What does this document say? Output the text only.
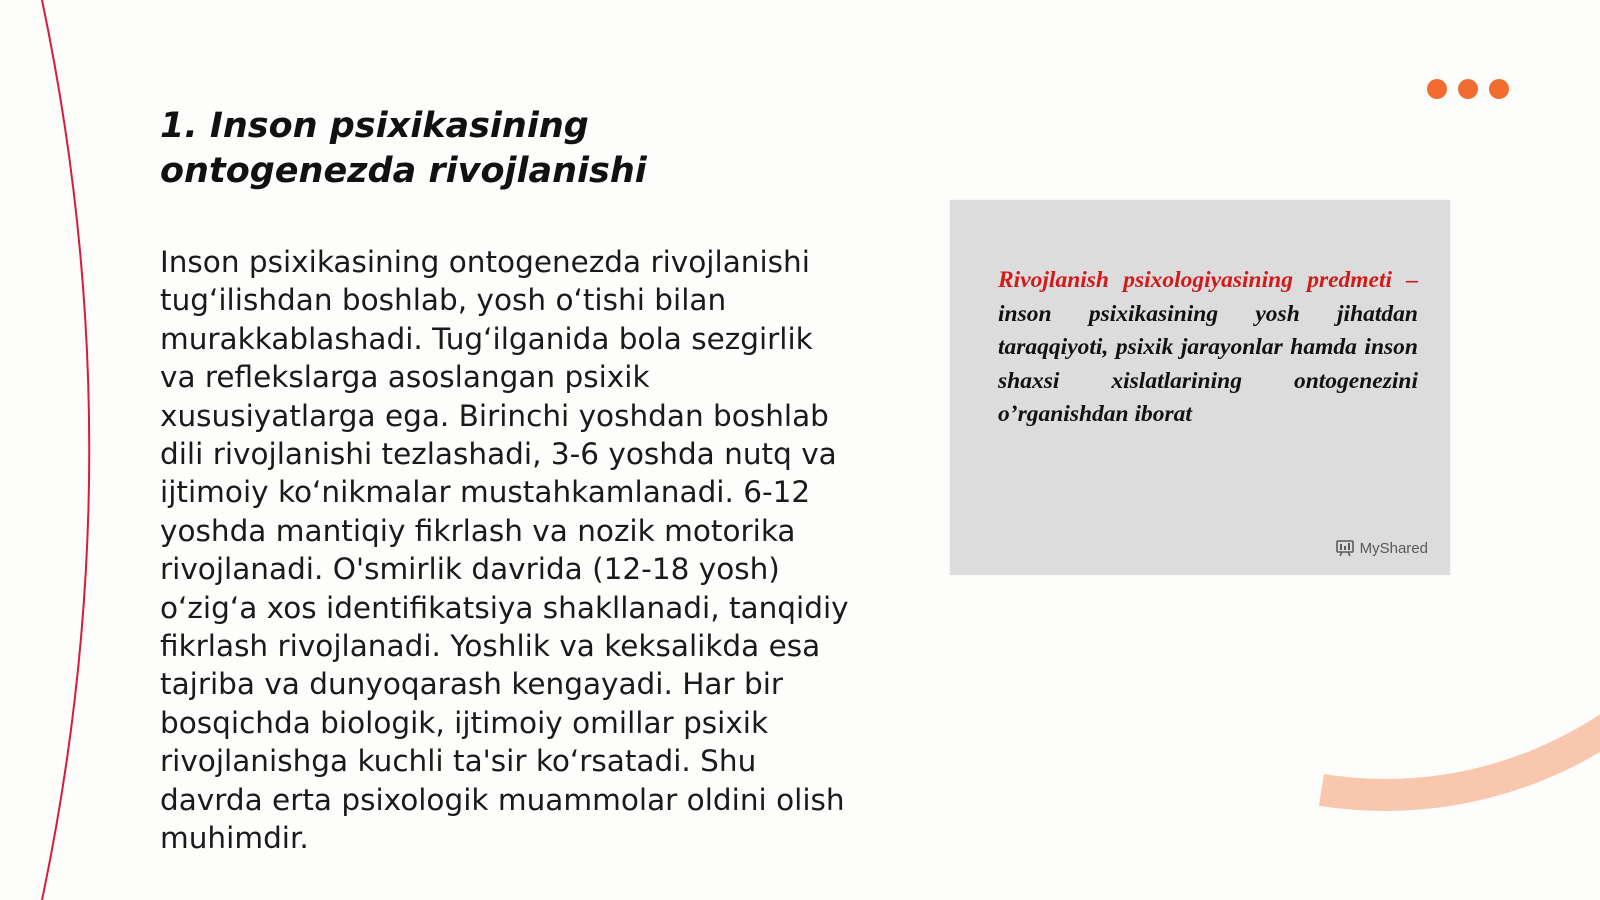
1. Inson psixikasining ontogenezda rivojlanishi

Inson psixikasining ontogenezda rivojlanishi tug‘ilishdan boshlab, yosh o‘tishi bilan murakkablashadi. Tug‘ilganida bola sezgirlik va reflekslarga asoslangan psixik xususiyatlarga ega. Birinchi yoshdan boshlab dili rivojlanishi tezlashadi, 3-6 yoshda nutq va ijtimoiy ko‘nikmalar mustahkamlanadi. 6-12 yoshda mantiqiy fikrlash va nozik motorika rivojlanadi. O'smirlik davrida (12-18 yosh) o‘zig‘a xos identifikatsiya shakllanadi, tanqidiy fikrlash rivojlanadi. Yoshlik va keksalikda esa tajriba va dunyoqarash kengayadi. Har bir bosqichda biologik, ijtimoiy omillar psixik rivojlanishga kuchli ta'sir ko‘rsatadi. Shu davrda erta psixologik muammolar oldini olish muhimdir.

Rivojlanish psixologiyasining predmeti – inson psixikasining yosh jihatdan taraqqiyoti, psixik jarayonlar hamda inson shaxsi xislatlarining ontogenezini o’rganishdan iborat

MyShared
